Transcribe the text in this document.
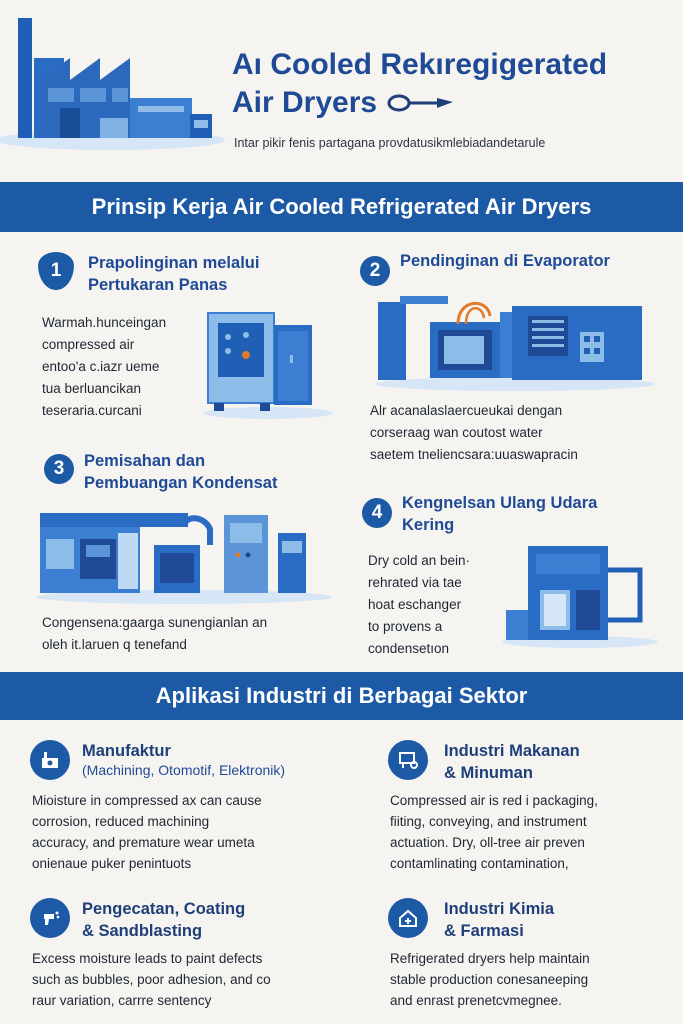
Aı Cooled Rekıregigerated
Air Dryers
Intar pikir fenis partagana provdatusikmlebiadandetarule
Prinsip Kerja Air Cooled Refrigerated Air Dryers
1 Prapolinginan melalui
Pertukaran Panas
Warmah.hunceingan
compressed air
entoo'a c.iazr ueme
tua berluancikan
teseraria.curcani
2 Pendinginan di Evaporator
Alr acanalaslaercueukai dengan
corseraag wan coutost water
saetem tneliencsara:uuaswapracin
3 Pemisahan dan
Pembuangan Kondensat
Congensena:gaarga sunengianlan an
oleh it.laruen q tenefand
4 Kengnelsan Ulang Udara
Kering
Dry cold an bein·
rehrated via tae
hoat eschanger
to provens a
condensetıon
Aplikasi Industri di Berbagai Sektor
Manufaktur
(Machining, Otomotif, Elektronik)
Mioisture in compressed ax can cause
corrosion, reduced machining
accuracy, and premature wear umeta
onienaue puker penintuots
Industri Makanan
& Minuman
Compressed air is red i packaging,
fiiting, conveying, and instrument
actuation. Dry, oll-tree air preven
contamlinating contamination,
Pengecatan, Coating
& Sandblasting
Excess moisture leads to paint defects
such as bubbles, poor adhesion, and co
raur variation, carrre sentency
Industri Kimia
& Farmasi
Refrigerated dryers help maintain
stable production conesaneeping
and enrast prenetcvmegnee.
